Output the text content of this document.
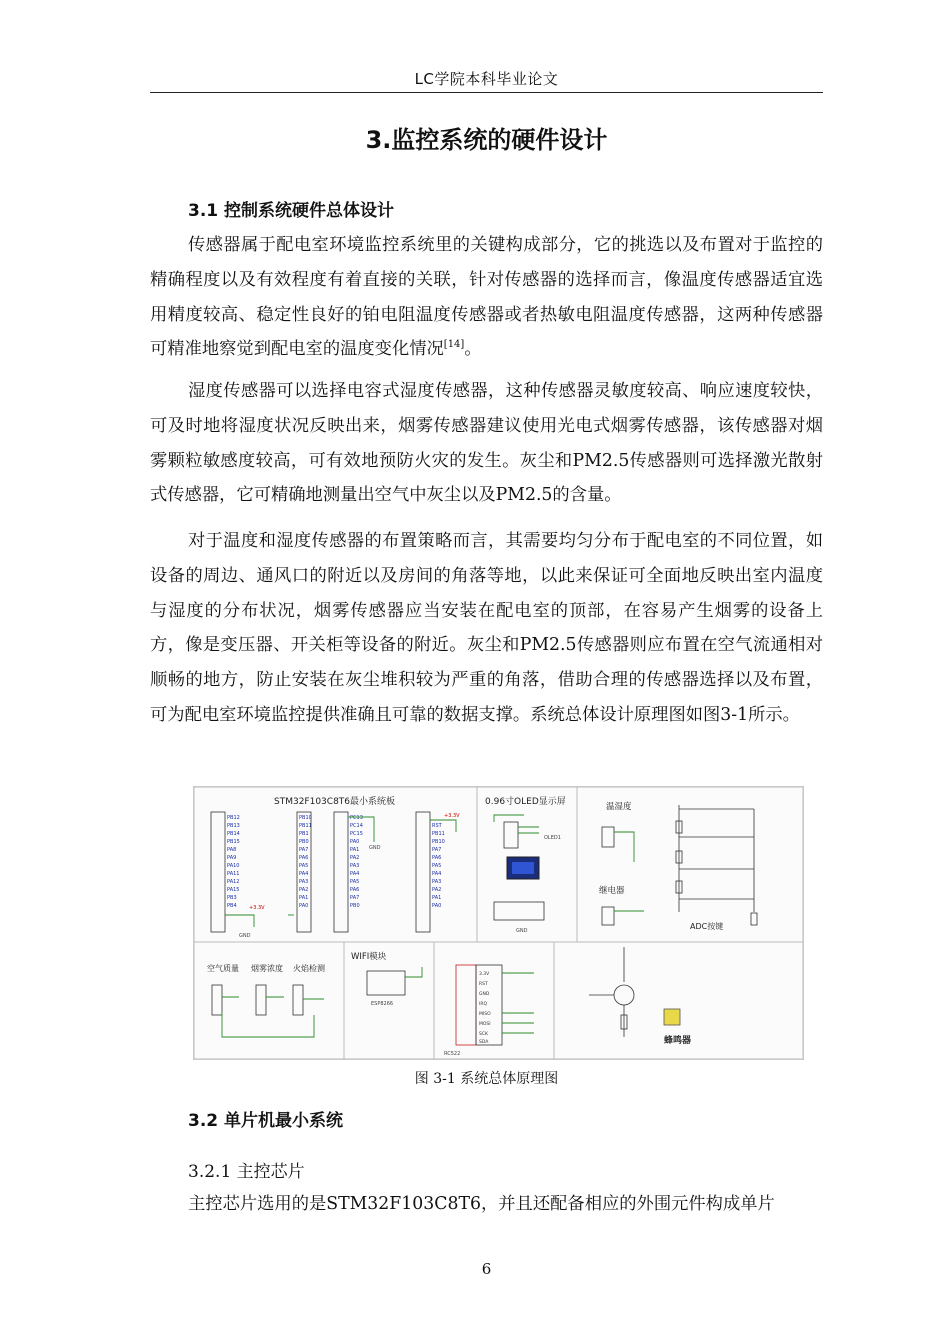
LC学院本科毕业论文
3.监控系统的硬件设计
3.1 控制系统硬件总体设计

传感器属于配电室环境监控系统里的关键构成部分，它的挑选以及布置对于监控的精确程度以及有效程度有着直接的关联，针对传感器的选择而言，像温度传感器适宜选用精度较高、稳定性良好的铂电阻温度传感器或者热敏电阻温度传感器，这两种传感器可精准地察觉到配电室的温度变化情况[14]。

湿度传感器可以选择电容式湿度传感器，这种传感器灵敏度较高、响应速度较快，可及时地将湿度状况反映出来，烟雾传感器建议使用光电式烟雾传感器，该传感器对烟雾颗粒敏感度较高，可有效地预防火灾的发生。灰尘和PM2.5传感器则可选择激光散射式传感器，它可精确地测量出空气中灰尘以及PM2.5的含量。

对于温度和湿度传感器的布置策略而言，其需要均匀分布于配电室的不同位置，如设备的周边、通风口的附近以及房间的角落等地，以此来保证可全面地反映出室内温度与湿度的分布状况，烟雾传感器应当安装在配电室的顶部，在容易产生烟雾的设备上方，像是变压器、开关柜等设备的附近。灰尘和PM2.5传感器则应布置在空气流通相对顺畅的地方，防止安装在灰尘堆积较为严重的角落，借助合理的传感器选择以及布置，可为配电室环境监控提供准确且可靠的数据支撑。系统总体设计原理图如图3-1所示。

STM32F103C8T6最小系统板
PB12
PB13
PB14
PB15
PA8
PA9
PA10
PA11
PA12
PA15
PB3
PB4
PB10
PB11
PB1
PB0
PA7
PA6
PA5
PA4
PA3
PA2
PA1
PA0
PC13
PC14
PC15
PA0
PA1
PA2
PA3
PA4
PA5
PA6
PA7
PB0
RST
PB11
PB10
PA7
PA6
PA5
PA4
PA3
PA2
PA1
PA0
GND
+3.3V
+3.3V
GND
0.96寸OLED显示屏
OLED1
GND
温湿度
继电器
ADC按键
空气质量 烟雾浓度 火焰检测
WIFI模块
ESP8266
3.3V
RST
GND
IRQ
MISO
MOSI
SCK
SDA
RC522
蜂鸣器
图 3-1 系统总体原理图
3.2 单片机最小系统
3.2.1 主控芯片

主控芯片选用的是STM32F103C8T6，并且还配备相应的外围元件构成单片

6
